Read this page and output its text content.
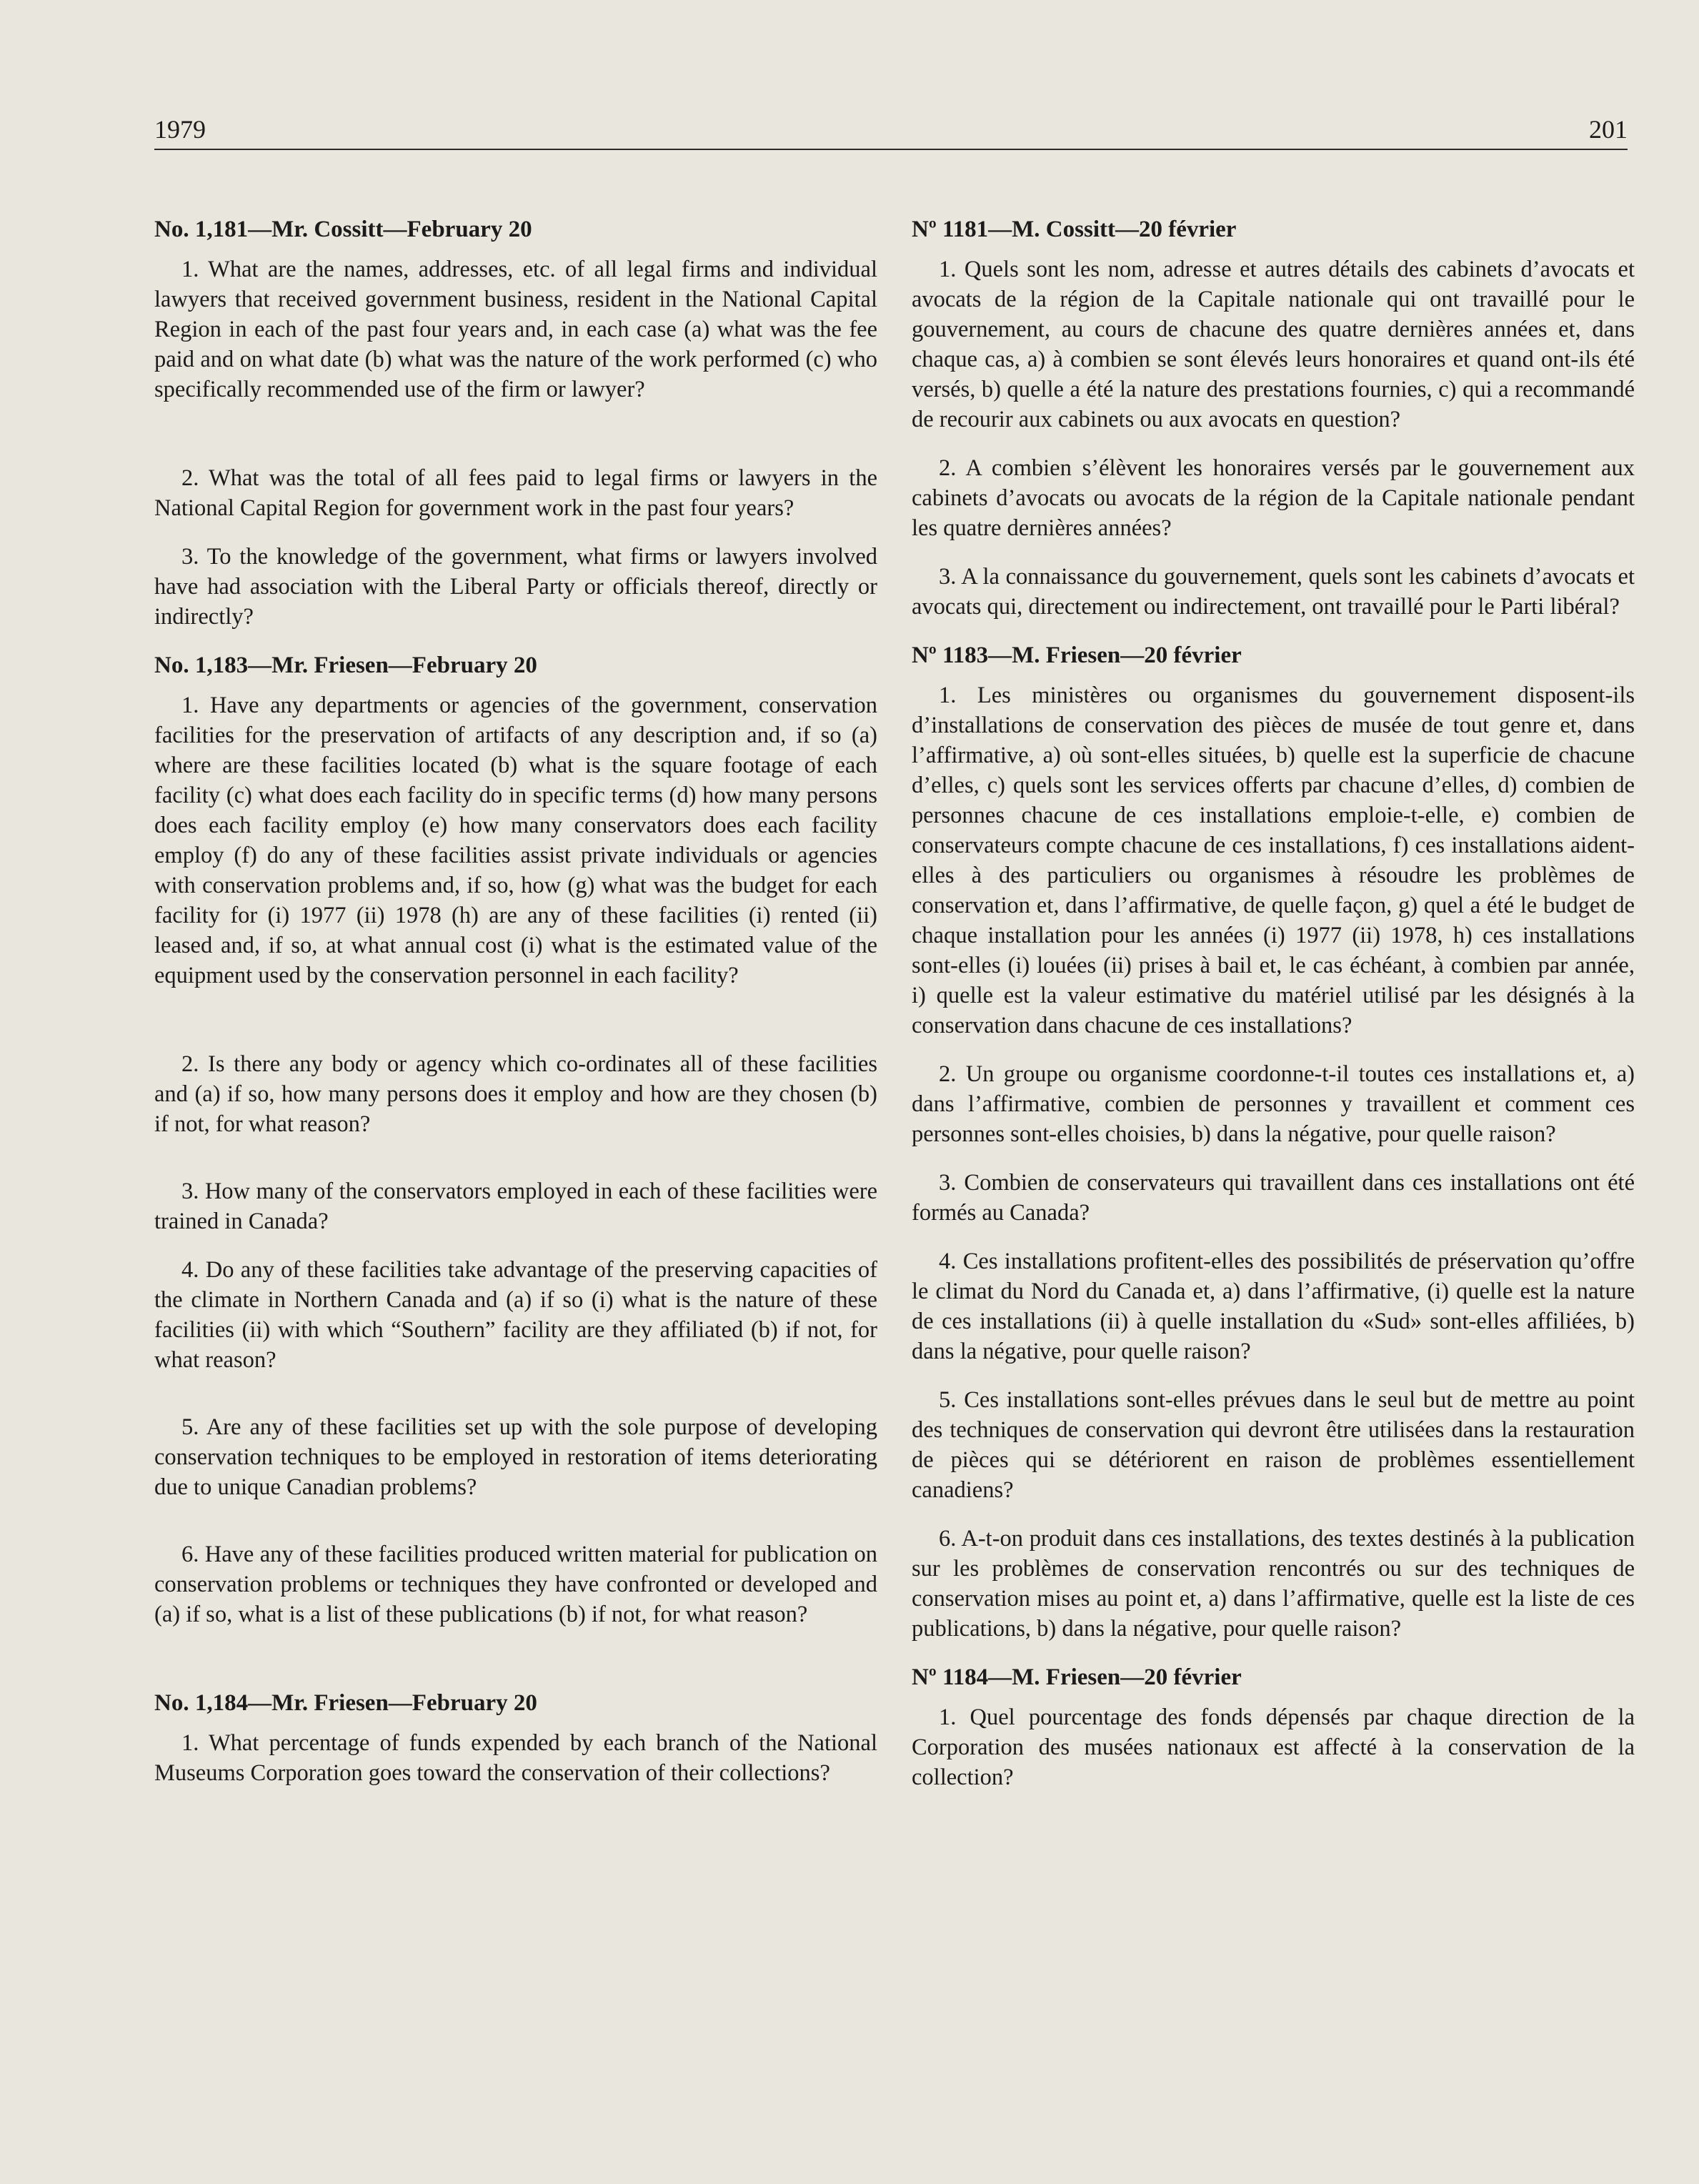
1979	201

No. 1,181—Mr. Cossitt—February 20

1. What are the names, addresses, etc. of all legal firms and individual lawyers that received government business, resident in the National Capital Region in each of the past four years and, in each case (a) what was the fee paid and on what date (b) what was the nature of the work performed (c) who specifically recommended use of the firm or lawyer?

2. What was the total of all fees paid to legal firms or lawyers in the National Capital Region for government work in the past four years?

3. To the knowledge of the government, what firms or lawyers involved have had association with the Liberal Party or officials thereof, directly or indirectly?

No. 1,183—Mr. Friesen—February 20

1. Have any departments or agencies of the government, conservation facilities for the preservation of artifacts of any description and, if so (a) where are these facilities located (b) what is the square footage of each facility (c) what does each facility do in specific terms (d) how many persons does each facility employ (e) how many conservators does each facility employ (f) do any of these facilities assist private individuals or agencies with conservation problems and, if so, how (g) what was the budget for each facility for (i) 1977 (ii) 1978 (h) are any of these facilities (i) rented (ii) leased and, if so, at what annual cost (i) what is the estimated value of the equipment used by the conservation personnel in each facility?

2. Is there any body or agency which co-ordinates all of these facilities and (a) if so, how many persons does it employ and how are they chosen (b) if not, for what reason?

3. How many of the conservators employed in each of these facilities were trained in Canada?

4. Do any of these facilities take advantage of the preserving capacities of the climate in Northern Canada and (a) if so (i) what is the nature of these facilities (ii) with which “Southern” facility are they affiliated (b) if not, for what reason?

5. Are any of these facilities set up with the sole purpose of developing conservation techniques to be employed in restoration of items deteriorating due to unique Canadian problems?

6. Have any of these facilities produced written material for publication on conservation problems or techniques they have confronted or developed and (a) if so, what is a list of these publications (b) if not, for what reason?

No. 1,184—Mr. Friesen—February 20

1. What percentage of funds expended by each branch of the National Museums Corporation goes toward the conservation of their collections?

Nº 1181—M. Cossitt—20 février

1. Quels sont les nom, adresse et autres détails des cabinets d’avocats et avocats de la région de la Capitale nationale qui ont travaillé pour le gouvernement, au cours de chacune des quatre dernières années et, dans chaque cas, a) à combien se sont élevés leurs honoraires et quand ont-ils été versés, b) quelle a été la nature des prestations fournies, c) qui a recommandé de recourir aux cabinets ou aux avocats en question?

2. A combien s’élèvent les honoraires versés par le gouvernement aux cabinets d’avocats ou avocats de la région de la Capitale nationale pendant les quatre dernières années?

3. A la connaissance du gouvernement, quels sont les cabinets d’avocats et avocats qui, directement ou indirectement, ont travaillé pour le Parti libéral?

Nº 1183—M. Friesen—20 février

1. Les ministères ou organismes du gouvernement disposent-ils d’installations de conservation des pièces de musée de tout genre et, dans l’affirmative, a) où sont-elles situées, b) quelle est la superficie de chacune d’elles, c) quels sont les services offerts par chacune d’elles, d) combien de personnes chacune de ces installations emploie-t-elle, e) combien de conservateurs compte chacune de ces installations, f) ces installations aident-elles à des particuliers ou organismes à résoudre les problèmes de conservation et, dans l’affirmative, de quelle façon, g) quel a été le budget de chaque installation pour les années (i) 1977 (ii) 1978, h) ces installations sont-elles (i) louées (ii) prises à bail et, le cas échéant, à combien par année, i) quelle est la valeur estimative du matériel utilisé par les désignés à la conservation dans chacune de ces installations?

2. Un groupe ou organisme coordonne-t-il toutes ces installations et, a) dans l’affirmative, combien de personnes y travaillent et comment ces personnes sont-elles choisies, b) dans la négative, pour quelle raison?

3. Combien de conservateurs qui travaillent dans ces installations ont été formés au Canada?

4. Ces installations profitent-elles des possibilités de préservation qu’offre le climat du Nord du Canada et, a) dans l’affirmative, (i) quelle est la nature de ces installations (ii) à quelle installation du «Sud» sont-elles affiliées, b) dans la négative, pour quelle raison?

5. Ces installations sont-elles prévues dans le seul but de mettre au point des techniques de conservation qui devront être utilisées dans la restauration de pièces qui se détériorent en raison de problèmes essentiellement canadiens?

6. A-t-on produit dans ces installations, des textes destinés à la publication sur les problèmes de conservation rencontrés ou sur des techniques de conservation mises au point et, a) dans l’affirmative, quelle est la liste de ces publications, b) dans la négative, pour quelle raison?

Nº 1184—M. Friesen—20 février

1. Quel pourcentage des fonds dépensés par chaque direction de la Corporation des musées nationaux est affecté à la conservation de la collection?
